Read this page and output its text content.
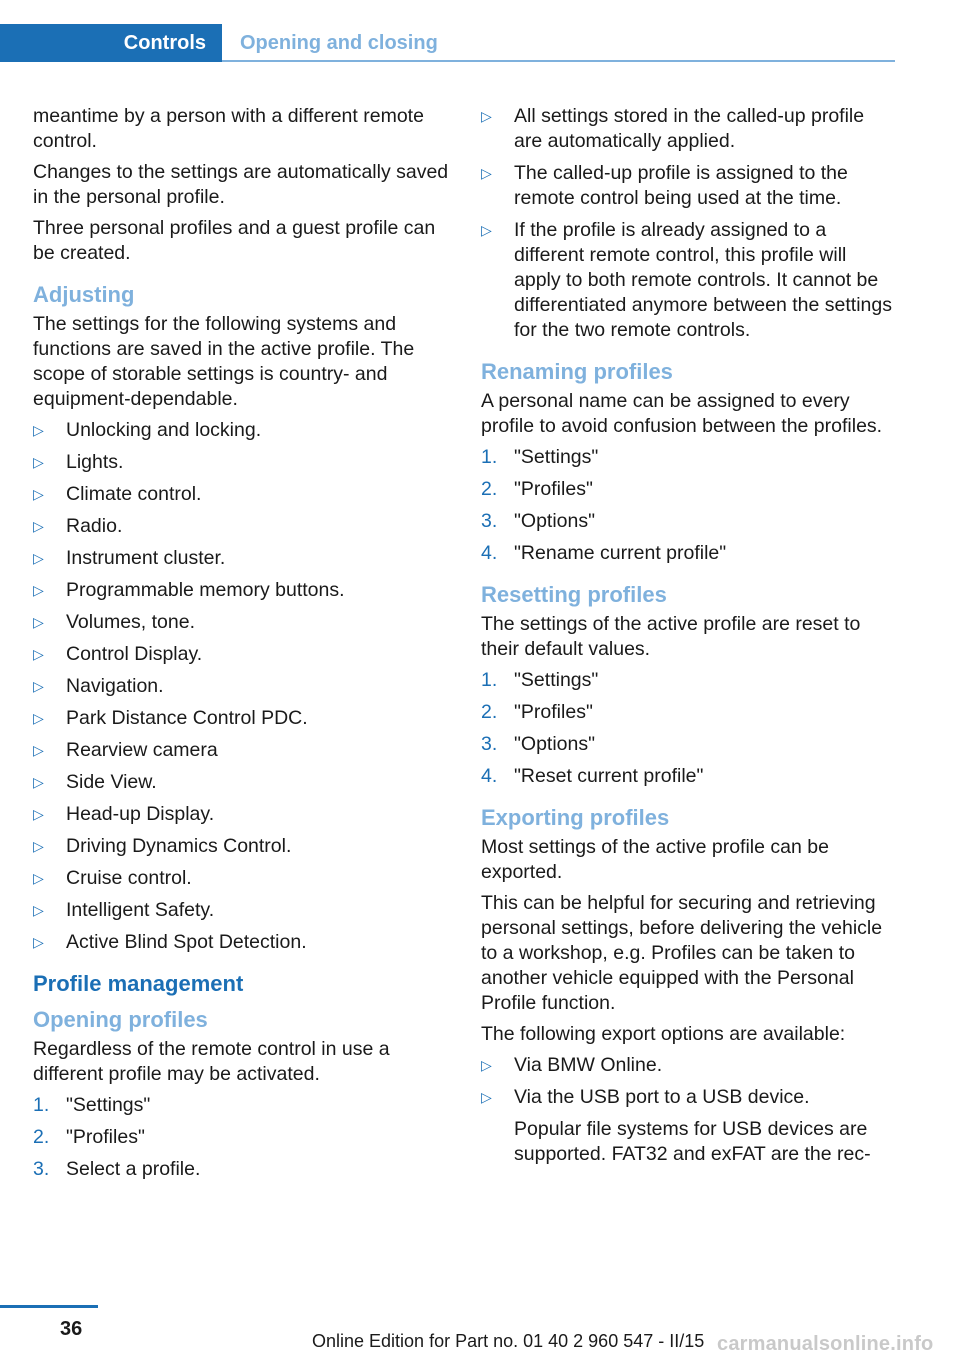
Controls	Opening and closing

meantime by a person with a different remote control.

Changes to the settings are automatically saved in the personal profile.

Three personal profiles and a guest profile can be created.

Adjusting

The settings for the following systems and functions are saved in the active profile. The scope of storable settings is country- and equipment-dependable.

▷ Unlocking and locking.
▷ Lights.
▷ Climate control.
▷ Radio.
▷ Instrument cluster.
▷ Programmable memory buttons.
▷ Volumes, tone.
▷ Control Display.
▷ Navigation.
▷ Park Distance Control PDC.
▷ Rearview camera
▷ Side View.
▷ Head-up Display.
▷ Driving Dynamics Control.
▷ Cruise control.
▷ Intelligent Safety.
▷ Active Blind Spot Detection.
Profile management
Opening profiles

Regardless of the remote control in use a different profile may be activated.

1. "Settings"
2. "Profiles"
3. Select a profile.
▷ All settings stored in the called-up profile are automatically applied.
▷ The called-up profile is assigned to the remote control being used at the time.
▷ If the profile is already assigned to a different remote control, this profile will apply to both remote controls. It cannot be differentiated anymore between the settings for the two remote controls.
Renaming profiles

A personal name can be assigned to every profile to avoid confusion between the profiles.

1. "Settings"
2. "Profiles"
3. "Options"
4. "Rename current profile"
Resetting profiles

The settings of the active profile are reset to their default values.

1. "Settings"
2. "Profiles"
3. "Options"
4. "Reset current profile"
Exporting profiles

Most settings of the active profile can be exported.

This can be helpful for securing and retrieving personal settings, before delivering the vehicle to a workshop, e.g. Profiles can be taken to another vehicle equipped with the Personal Profile function.

The following export options are available:

▷ Via BMW Online.
▷ Via the USB port to a USB device.

Popular file systems for USB devices are supported. FAT32 and exFAT are the rec-

36
Online Edition for Part no. 01 40 2 960 547 - II/15 carmanualsonline.info
